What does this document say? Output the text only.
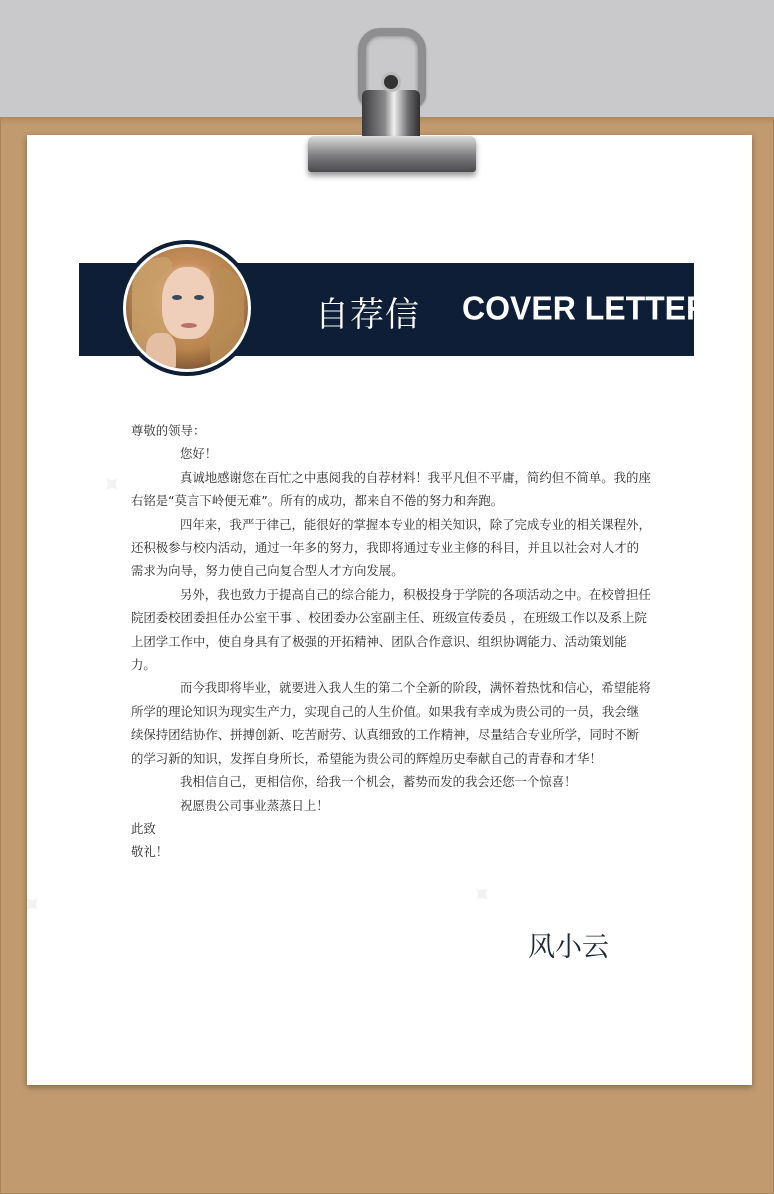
自荐信 COVER LETTER

尊敬的领导：

您好！

真诚地感谢您在百忙之中惠阅我的自荐材料！我平凡但不平庸，简约但不简单。我的座右铭是“莫言下岭便无难”。所有的成功，都来自不倦的努力和奔跑。

四年来，我严于律己，能很好的掌握本专业的相关知识，除了完成专业的相关课程外，还积极参与校内活动，通过一年多的努力，我即将通过专业主修的科目，并且以社会对人才的需求为向导，努力使自己向复合型人才方向发展。

另外，我也致力于提高自己的综合能力，积极投身于学院的各项活动之中。在校曾担任院团委校团委担任办公室干事 、校团委办公室副主任、班级宣传委员 ，在班级工作以及系上院上团学工作中，使自身具有了极强的开拓精神、团队合作意识、组织协调能力、活动策划能力。

而今我即将毕业，就要进入我人生的第二个全新的阶段，满怀着热忱和信心，希望能将所学的理论知识为现实生产力，实现自己的人生价值。如果我有幸成为贵公司的一员，我会继续保持团结协作、拼搏创新、吃苦耐劳、认真细致的工作精神，尽量结合专业所学，同时不断的学习新的知识，发挥自身所长，希望能为贵公司的辉煌历史奉献自己的青春和才华！

我相信自己，更相信你，给我一个机会，蓄势而发的我会还您一个惊喜！

祝愿贵公司事业蒸蒸日上！

此致

敬礼！

风小云
✦
✦	✦
